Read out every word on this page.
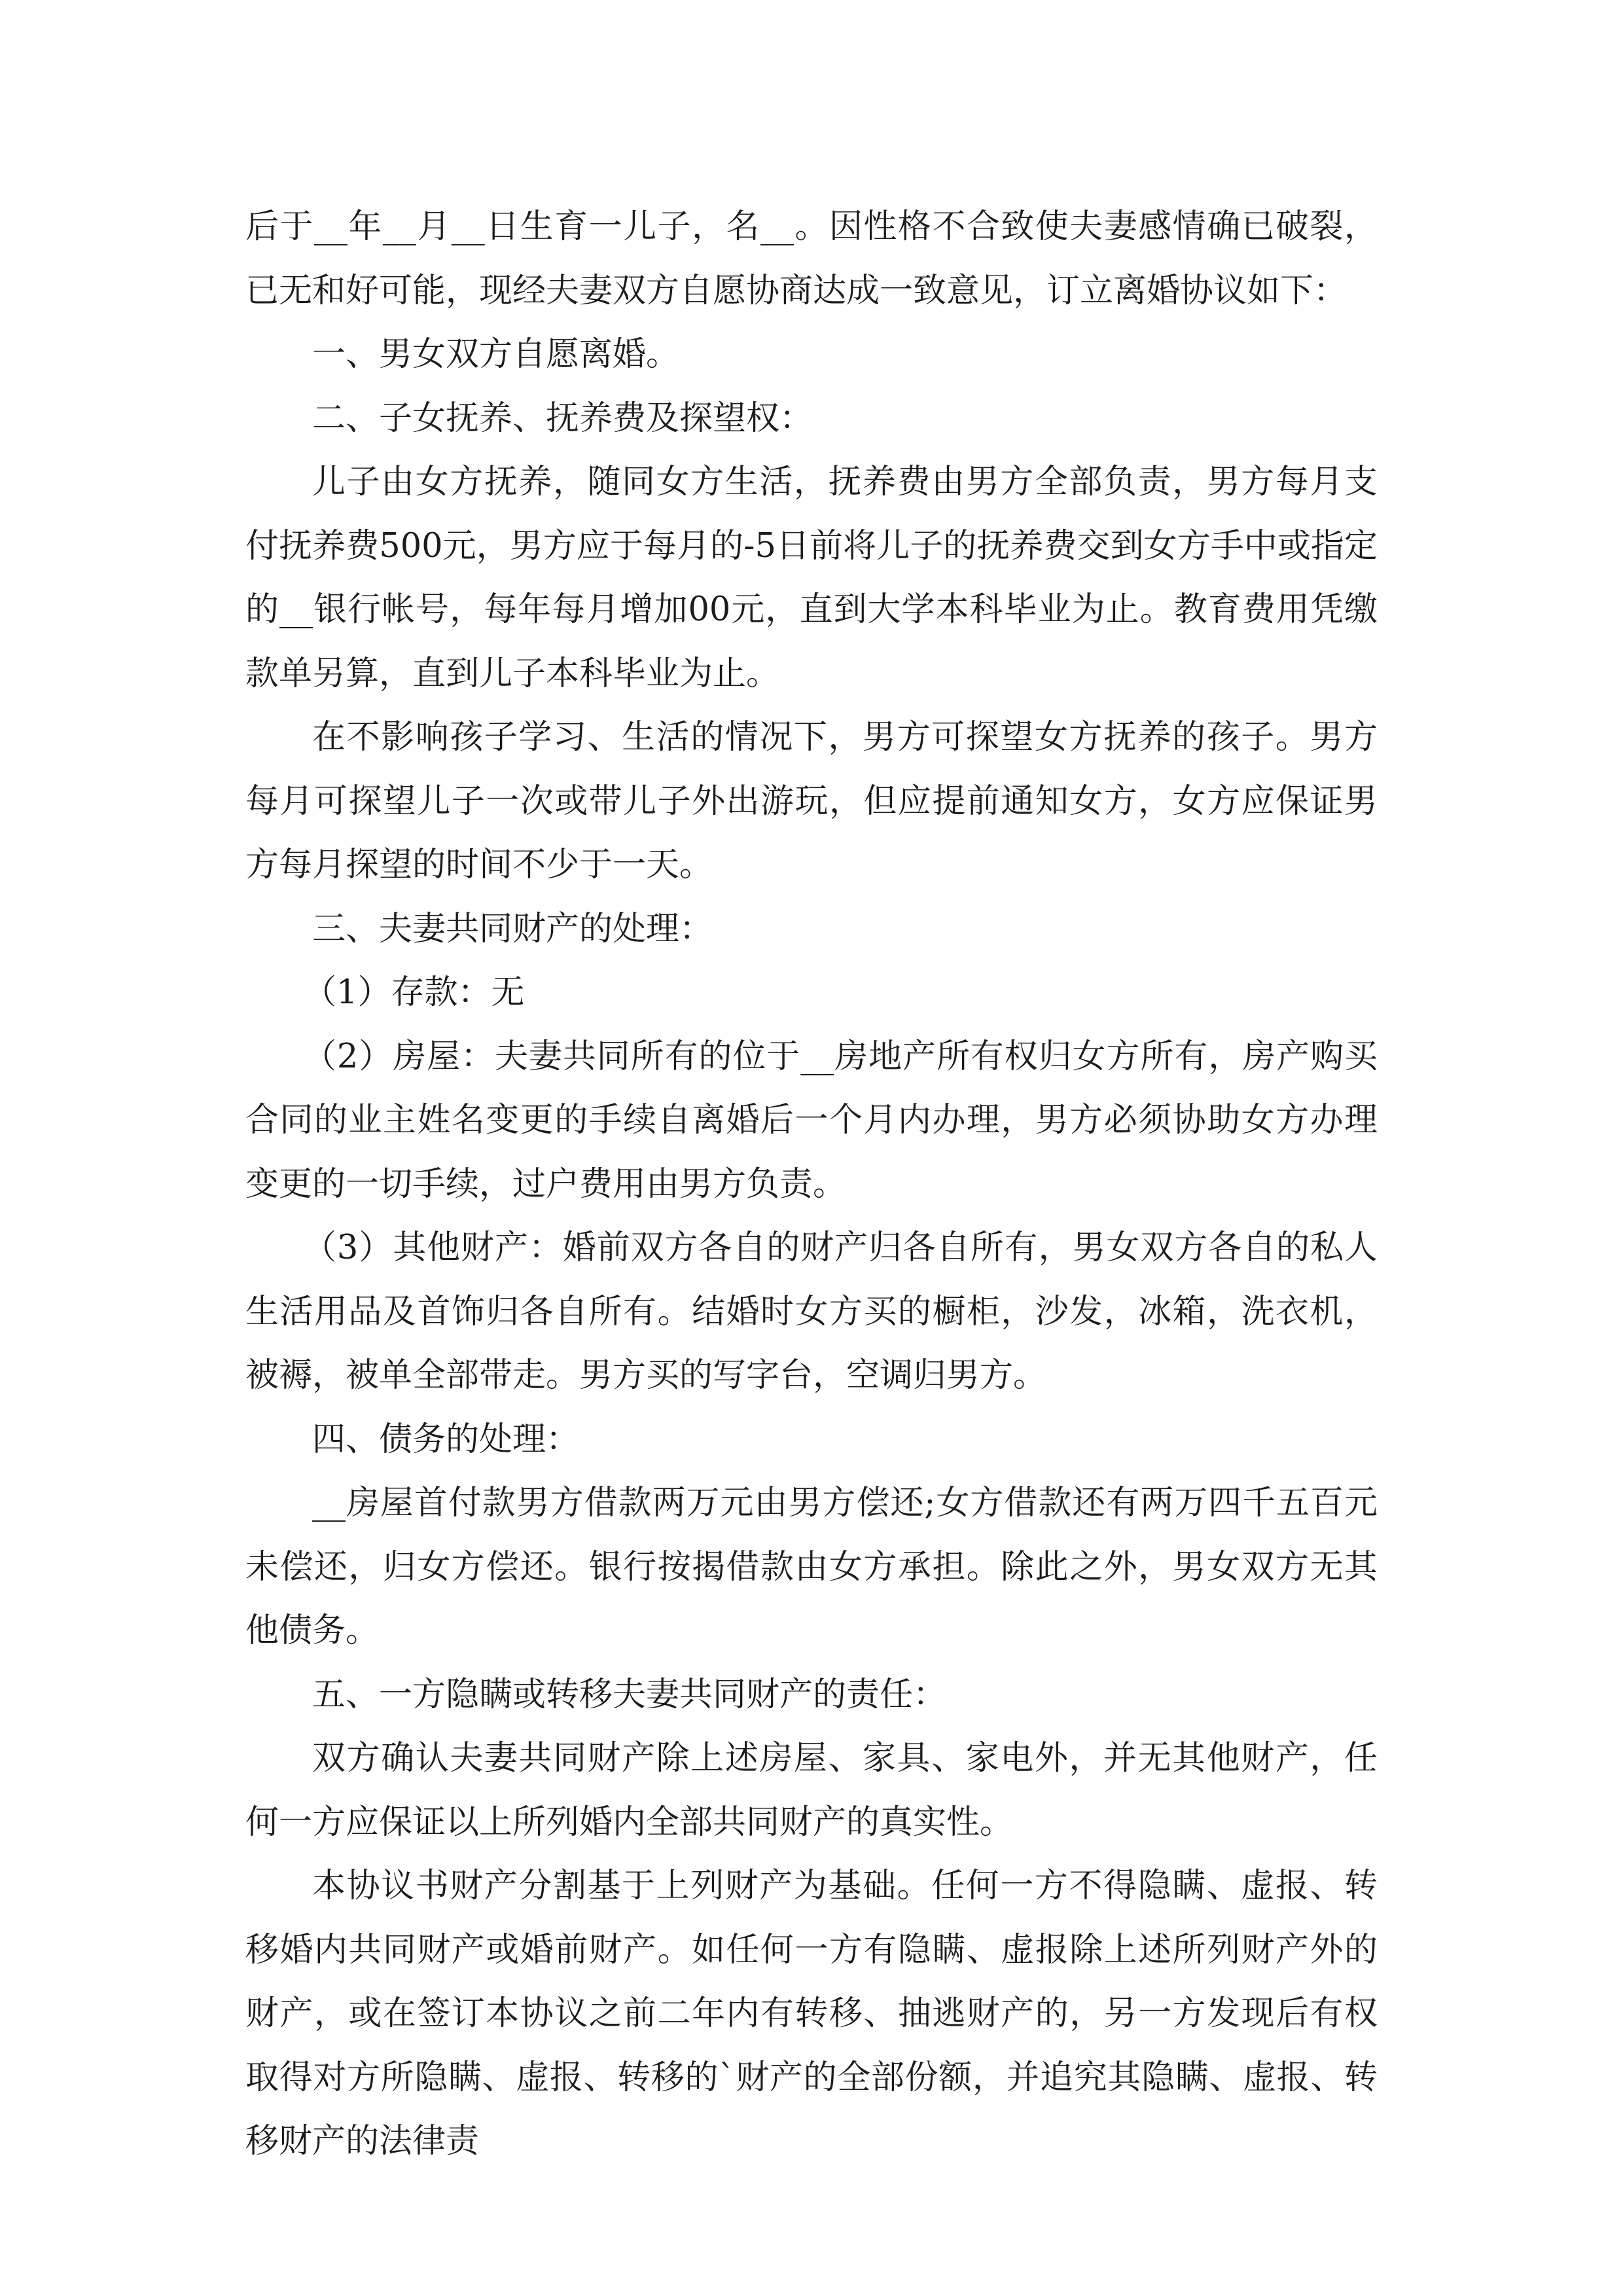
后于__年__月__日生育一儿子，名__。因性格不合致使夫妻感情确已破裂，已无和好可能，现经夫妻双方自愿协商达成一致意见，订立离婚协议如下：

一、男女双方自愿离婚。

二、子女抚养、抚养费及探望权：

儿子由女方抚养，随同女方生活，抚养费由男方全部负责，男方每月支付抚养费500元，男方应于每月的-5日前将儿子的抚养费交到女方手中或指定的__银行帐号，每年每月增加00元，直到大学本科毕业为止。教育费用凭缴款单另算，直到儿子本科毕业为止。

在不影响孩子学习、生活的情况下，男方可探望女方抚养的孩子。男方每月可探望儿子一次或带儿子外出游玩，但应提前通知女方，女方应保证男方每月探望的时间不少于一天。

三、夫妻共同财产的处理：

（1）存款：无

（2）房屋：夫妻共同所有的位于__房地产所有权归女方所有，房产购买合同的业主姓名变更的手续自离婚后一个月内办理，男方必须协助女方办理变更的一切手续，过户费用由男方负责。

（3）其他财产：婚前双方各自的财产归各自所有，男女双方各自的私人生活用品及首饰归各自所有。结婚时女方买的橱柜，沙发，冰箱，洗衣机，被褥，被单全部带走。男方买的写字台，空调归男方。

四、债务的处理：

__房屋首付款男方借款两万元由男方偿还;女方借款还有两万四千五百元未偿还，归女方偿还。银行按揭借款由女方承担。除此之外，男女双方无其他债务。

五、一方隐瞒或转移夫妻共同财产的责任：

双方确认夫妻共同财产除上述房屋、家具、家电外，并无其他财产，任何一方应保证以上所列婚内全部共同财产的真实性。

本协议书财产分割基于上列财产为基础。任何一方不得隐瞒、虚报、转移婚内共同财产或婚前财产。如任何一方有隐瞒、虚报除上述所列财产外的财产，或在签订本协议之前二年内有转移、抽逃财产的，另一方发现后有权取得对方所隐瞒、虚报、转移的`财产的全部份额，并追究其隐瞒、虚报、转移财产的法律责
